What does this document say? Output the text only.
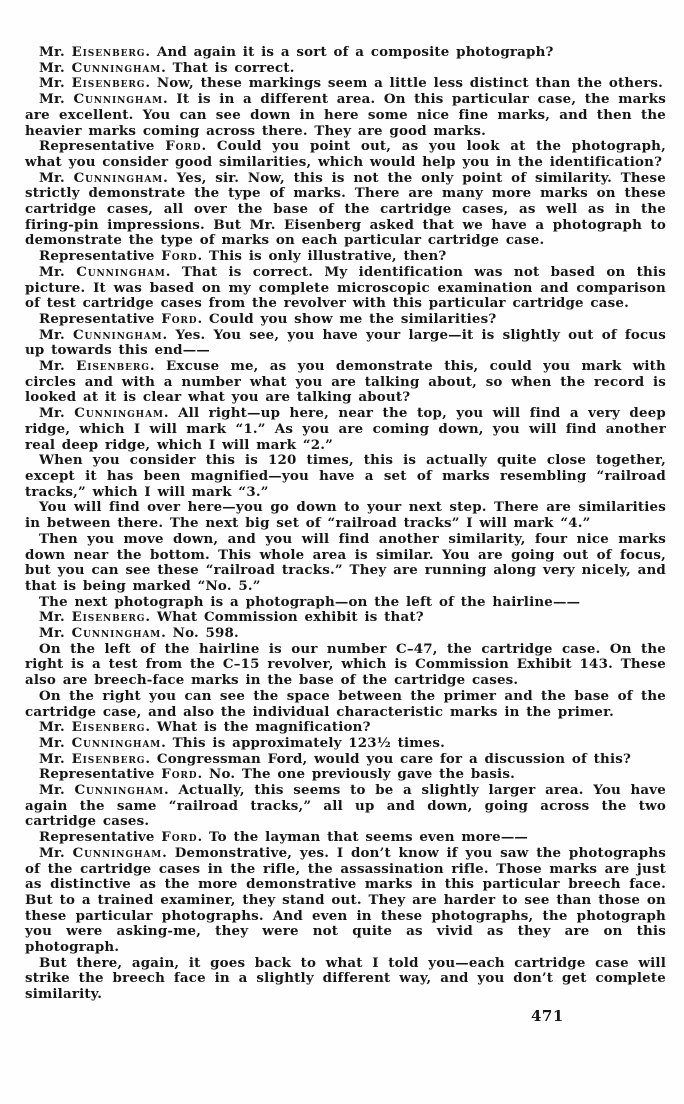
Mr. Eisenberg. And again it is a sort of a composite photograph?

Mr. Cunningham. That is correct.

Mr. Eisenberg. Now, these markings seem a little less distinct than the others.

Mr. Cunningham. It is in a different area. On this particular case, the marks are excellent. You can see down in here some nice fine marks, and then the heavier marks coming across there. They are good marks.

Representative Ford. Could you point out, as you look at the photograph, what you consider good similarities, which would help you in the identification?

Mr. Cunningham. Yes, sir. Now, this is not the only point of similarity. These strictly demonstrate the type of marks. There are many more marks on these cartridge cases, all over the base of the cartridge cases, as well as in the firing-pin impressions. But Mr. Eisenberg asked that we have a photograph to demonstrate the type of marks on each particular cartridge case.

Representative Ford. This is only illustrative, then?

Mr. Cunningham. That is correct. My identification was not based on this picture. It was based on my complete microscopic examination and comparison of test cartridge cases from the revolver with this particular cartridge case.

Representative Ford. Could you show me the similarities?

Mr. Cunningham. Yes. You see, you have your large—it is slightly out of focus up towards this end——

Mr. Eisenberg. Excuse me, as you demonstrate this, could you mark with circles and with a number what you are talking about, so when the record is looked at it is clear what you are talking about?

Mr. Cunningham. All right—up here, near the top, you will find a very deep ridge, which I will mark “1.” As you are coming down, you will find another real deep ridge, which I will mark “2.”

When you consider this is 120 times, this is actually quite close together, except it has been magnified—you have a set of marks resembling “railroad tracks,” which I will mark “3.”

You will find over here—you go down to your next step. There are similarities in between there. The next big set of “railroad tracks” I will mark “4.”

Then you move down, and you will find another similarity, four nice marks down near the bottom. This whole area is similar. You are going out of focus, but you can see these “railroad tracks.” They are running along very nicely, and that is being marked “No. 5.”

The next photograph is a photograph—on the left of the hairline——

Mr. Eisenberg. What Commission exhibit is that?

Mr. Cunningham. No. 598.

On the left of the hairline is our number C–47, the cartridge case. On the right is a test from the C–15 revolver, which is Commission Exhibit 143. These also are breech-face marks in the base of the cartridge cases.

On the right you can see the space between the primer and the base of the cartridge case, and also the individual characteristic marks in the primer.

Mr. Eisenberg. What is the magnification?

Mr. Cunningham. This is approximately 123½ times.

Mr. Eisenberg. Congressman Ford, would you care for a discussion of this?

Representative Ford. No. The one previously gave the basis.

Mr. Cunningham. Actually, this seems to be a slightly larger area. You have again the same “railroad tracks,” all up and down, going across the two cartridge cases.

Representative Ford. To the layman that seems even more——

Mr. Cunningham. Demonstrative, yes. I don’t know if you saw the photographs of the cartridge cases in the rifle, the assassination rifle. Those marks are just as distinctive as the more demonstrative marks in this particular breech face. But to a trained examiner, they stand out. They are harder to see than those on these particular photographs. And even in these photographs, the photograph you were asking-me, they were not quite as vivid as they are on this photograph.

But there, again, it goes back to what I told you—each cartridge case will strike the breech face in a slightly different way, and you don’t get complete similarity.

471
